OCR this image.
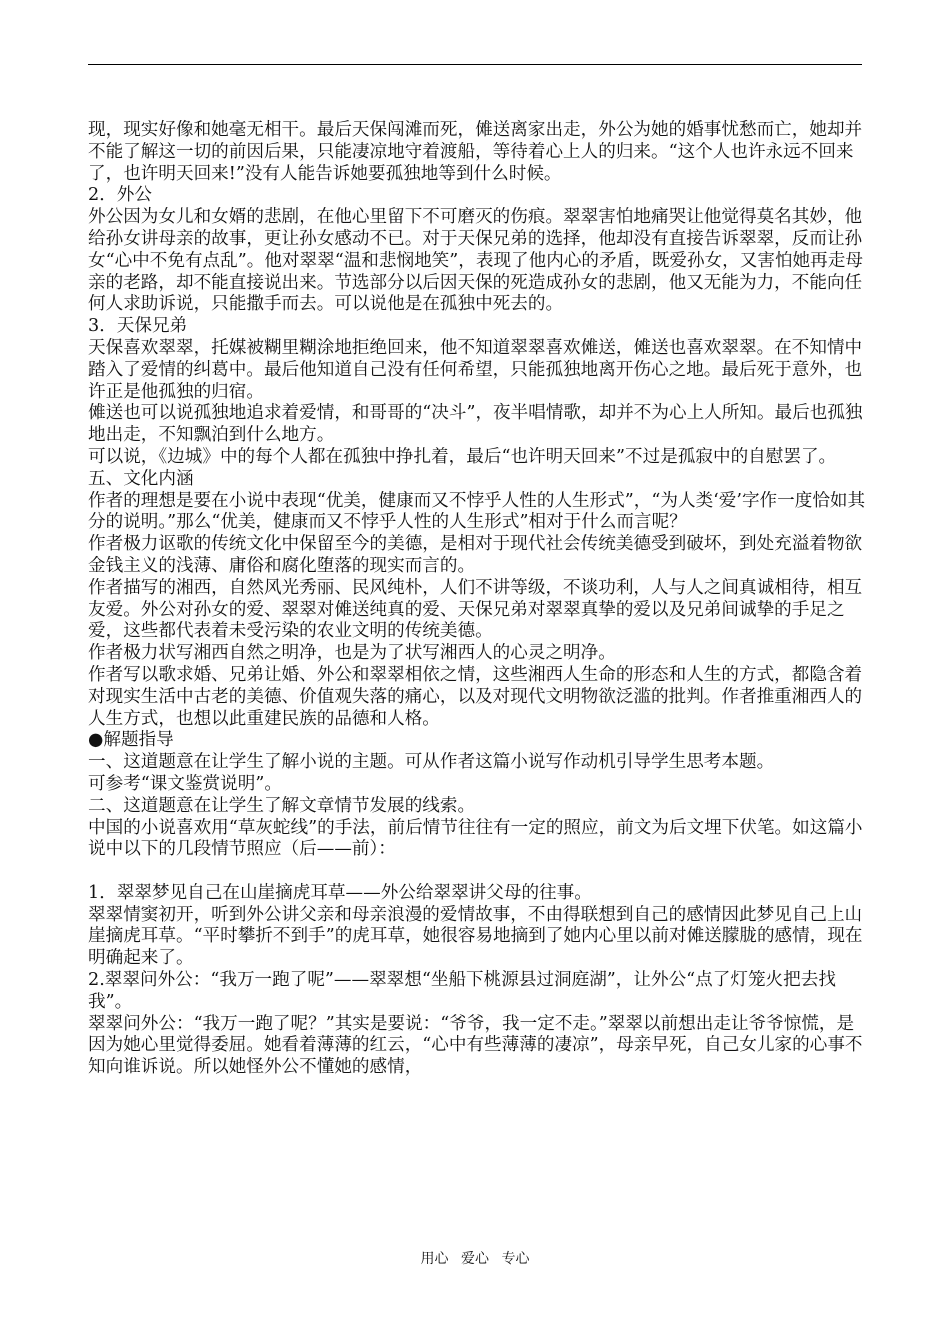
现，现实好像和她毫无相干。最后天保闯滩而死，傩送离家出走，外公为她的婚事忧愁而亡，她却并不能了解这一切的前因后果，只能凄凉地守着渡船，等待着心上人的归来。“这个人也许永远不回来了，也许明天回来!”没有人能告诉她要孤独地等到什么时候。

2．外公

外公因为女儿和女婿的悲剧，在他心里留下不可磨灭的伤痕。翠翠害怕地痛哭让他觉得莫名其妙，他给孙女讲母亲的故事，更让孙女感动不已。对于天保兄弟的选择，他却没有直接告诉翠翠，反而让孙女“心中不免有点乱”。他对翠翠“温和悲悯地笑”，表现了他内心的矛盾，既爱孙女，又害怕她再走母亲的老路，却不能直接说出来。节选部分以后因天保的死造成孙女的悲剧，他又无能为力，不能向任何人求助诉说，只能撒手而去。可以说他是在孤独中死去的。

3．天保兄弟

天保喜欢翠翠，托媒被糊里糊涂地拒绝回来，他不知道翠翠喜欢傩送，傩送也喜欢翠翠。在不知情中踏入了爱情的纠葛中。最后他知道自己没有任何希望，只能孤独地离开伤心之地。最后死于意外，也许正是他孤独的归宿。

傩送也可以说孤独地追求着爱情，和哥哥的“决斗”，夜半唱情歌，却并不为心上人所知。最后也孤独地出走，不知飘泊到什么地方。

可以说，《边城》中的每个人都在孤独中挣扎着，最后“也许明天回来”不过是孤寂中的自慰罢了。

五、文化内涵

作者的理想是要在小说中表现“优美，健康而又不悖乎人性的人生形式”，“为人类‘爱’字作一度恰如其分的说明。”那么“优美，健康而又不悖乎人性的人生形式”相对于什么而言呢？

作者极力讴歌的传统文化中保留至今的美德，是相对于现代社会传统美德受到破坏，到处充溢着物欲金钱主义的浅薄、庸俗和腐化堕落的现实而言的。

作者描写的湘西，自然风光秀丽、民风纯朴，人们不讲等级，不谈功利，人与人之间真诚相待，相互友爱。外公对孙女的爱、翠翠对傩送纯真的爱、天保兄弟对翠翠真挚的爱以及兄弟间诚挚的手足之爱，这些都代表着未受污染的农业文明的传统美德。

作者极力状写湘西自然之明净，也是为了状写湘西人的心灵之明净。

作者写以歌求婚、兄弟让婚、外公和翠翠相依之情，这些湘西人生命的形态和人生的方式，都隐含着对现实生活中古老的美德、价值观失落的痛心，以及对现代文明物欲泛滥的批判。作者推重湘西人的人生方式，也想以此重建民族的品德和人格。

●解题指导

一、这道题意在让学生了解小说的主题。可从作者这篇小说写作动机引导学生思考本题。

可参考“课文鉴赏说明”。

二、这道题意在让学生了解文章情节发展的线索。

中国的小说喜欢用“草灰蛇线”的手法，前后情节往往有一定的照应，前文为后文埋下伏笔。如这篇小说中以下的几段情节照应（后——前）：

1．翠翠梦见自己在山崖摘虎耳草——外公给翠翠讲父母的往事。

翠翠情窦初开，听到外公讲父亲和母亲浪漫的爱情故事，不由得联想到自己的感情因此梦见自己上山崖摘虎耳草。“平时攀折不到手”的虎耳草，她很容易地摘到了她内心里以前对傩送朦胧的感情，现在明确起来了。

2.翠翠问外公：“我万一跑了呢”——翠翠想“坐船下桃源县过洞庭湖”，让外公“点了灯笼火把去找我”。

翠翠问外公：“我万一跑了呢？”其实是要说：“爷爷，我一定不走。”翠翠以前想出走让爷爷惊慌，是因为她心里觉得委屈。她看着薄薄的红云，“心中有些薄薄的凄凉”，母亲早死，自己女儿家的心事不知向谁诉说。所以她怪外公不懂她的感情，

用心 爱心 专心
